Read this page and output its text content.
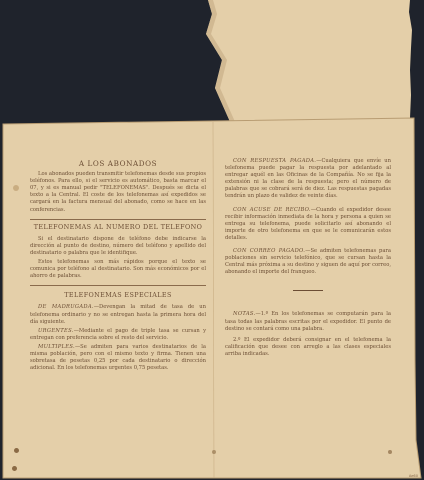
A LOS ABONADOS

Los abonados pueden transmitir telefonemas desde sus propios teléfonos. Para ello, si el servicio es automático, basta marcar el 07, y si es manual pedir "TELEFONEMAS". Después se dicta el texto a la Central. El coste de los telefonemas así expedidos se cargará en la factura mensual del abonado, como se hace en las conferencias.

TELEFONEMAS AL NUMERO DEL TELEFONO

Si el destinatario dispone de teléfono debe indicarse la dirección al punto de destino, número del teléfono y apellido del destinatario o palabra que le identifique.

Estos telefonemas son más rápidos porque el texto se comunica por teléfono al destinatario. Son más económicos por el ahorro de palabras.

TELEFONEMAS ESPECIALES

DE MADRUGADA.—Devengan la mitad de tasa de un telefonema ordinario y no se entregan hasta la primera hora del día siguiente.

URGENTES.—Mediante el pago de triple tasa se cursan y entregan con preferencia sobre el resto del servicio.

MULTIPLES.—Se admiten para varios destinatarios de la misma población, pero con el mismo texto y firma. Tienen una sobretasa de pesetas 0,25 por cada destinatario o dirección adicional. En los telefonemas urgentes 0,75 pesetas.

CON RESPUESTA PAGADA.—Cualquiera que envíe un telefonema puede pagar la respuesta por adelantado al entregar aquél en las Oficinas de la Compañía. No se fija la extensión ni la clase de la respuesta; pero el número de palabras que se cobrará será de diez. Las respuestas pagadas tendrán un plazo de validez de veinte días.

CON ACUSE DE RECIBO.—Cuando el expedidor desee recibir información inmediata de la hora y persona a quien se entrega su telefonema, puede solicitarlo así abonando el importe de otro telefonema en que se le comunicarán estos detalles.

CON CORREO PAGADO.—Se admiten telefonemas para poblaciones sin servicio telefónico, que se cursan hasta la Central más próxima a su destino y siguen de aquí por correo, abonando el importe del franqueo.

NOTAS.—1.º En los telefonemas se computarán para la tasa todas las palabras escritas por el expedidor. El punto de destino se contará como una palabra.

2.º El expedidor deberá consignar en el telefonema la calificación que desee con arreglo a las clases especiales arriba indicadas.

Ae60
